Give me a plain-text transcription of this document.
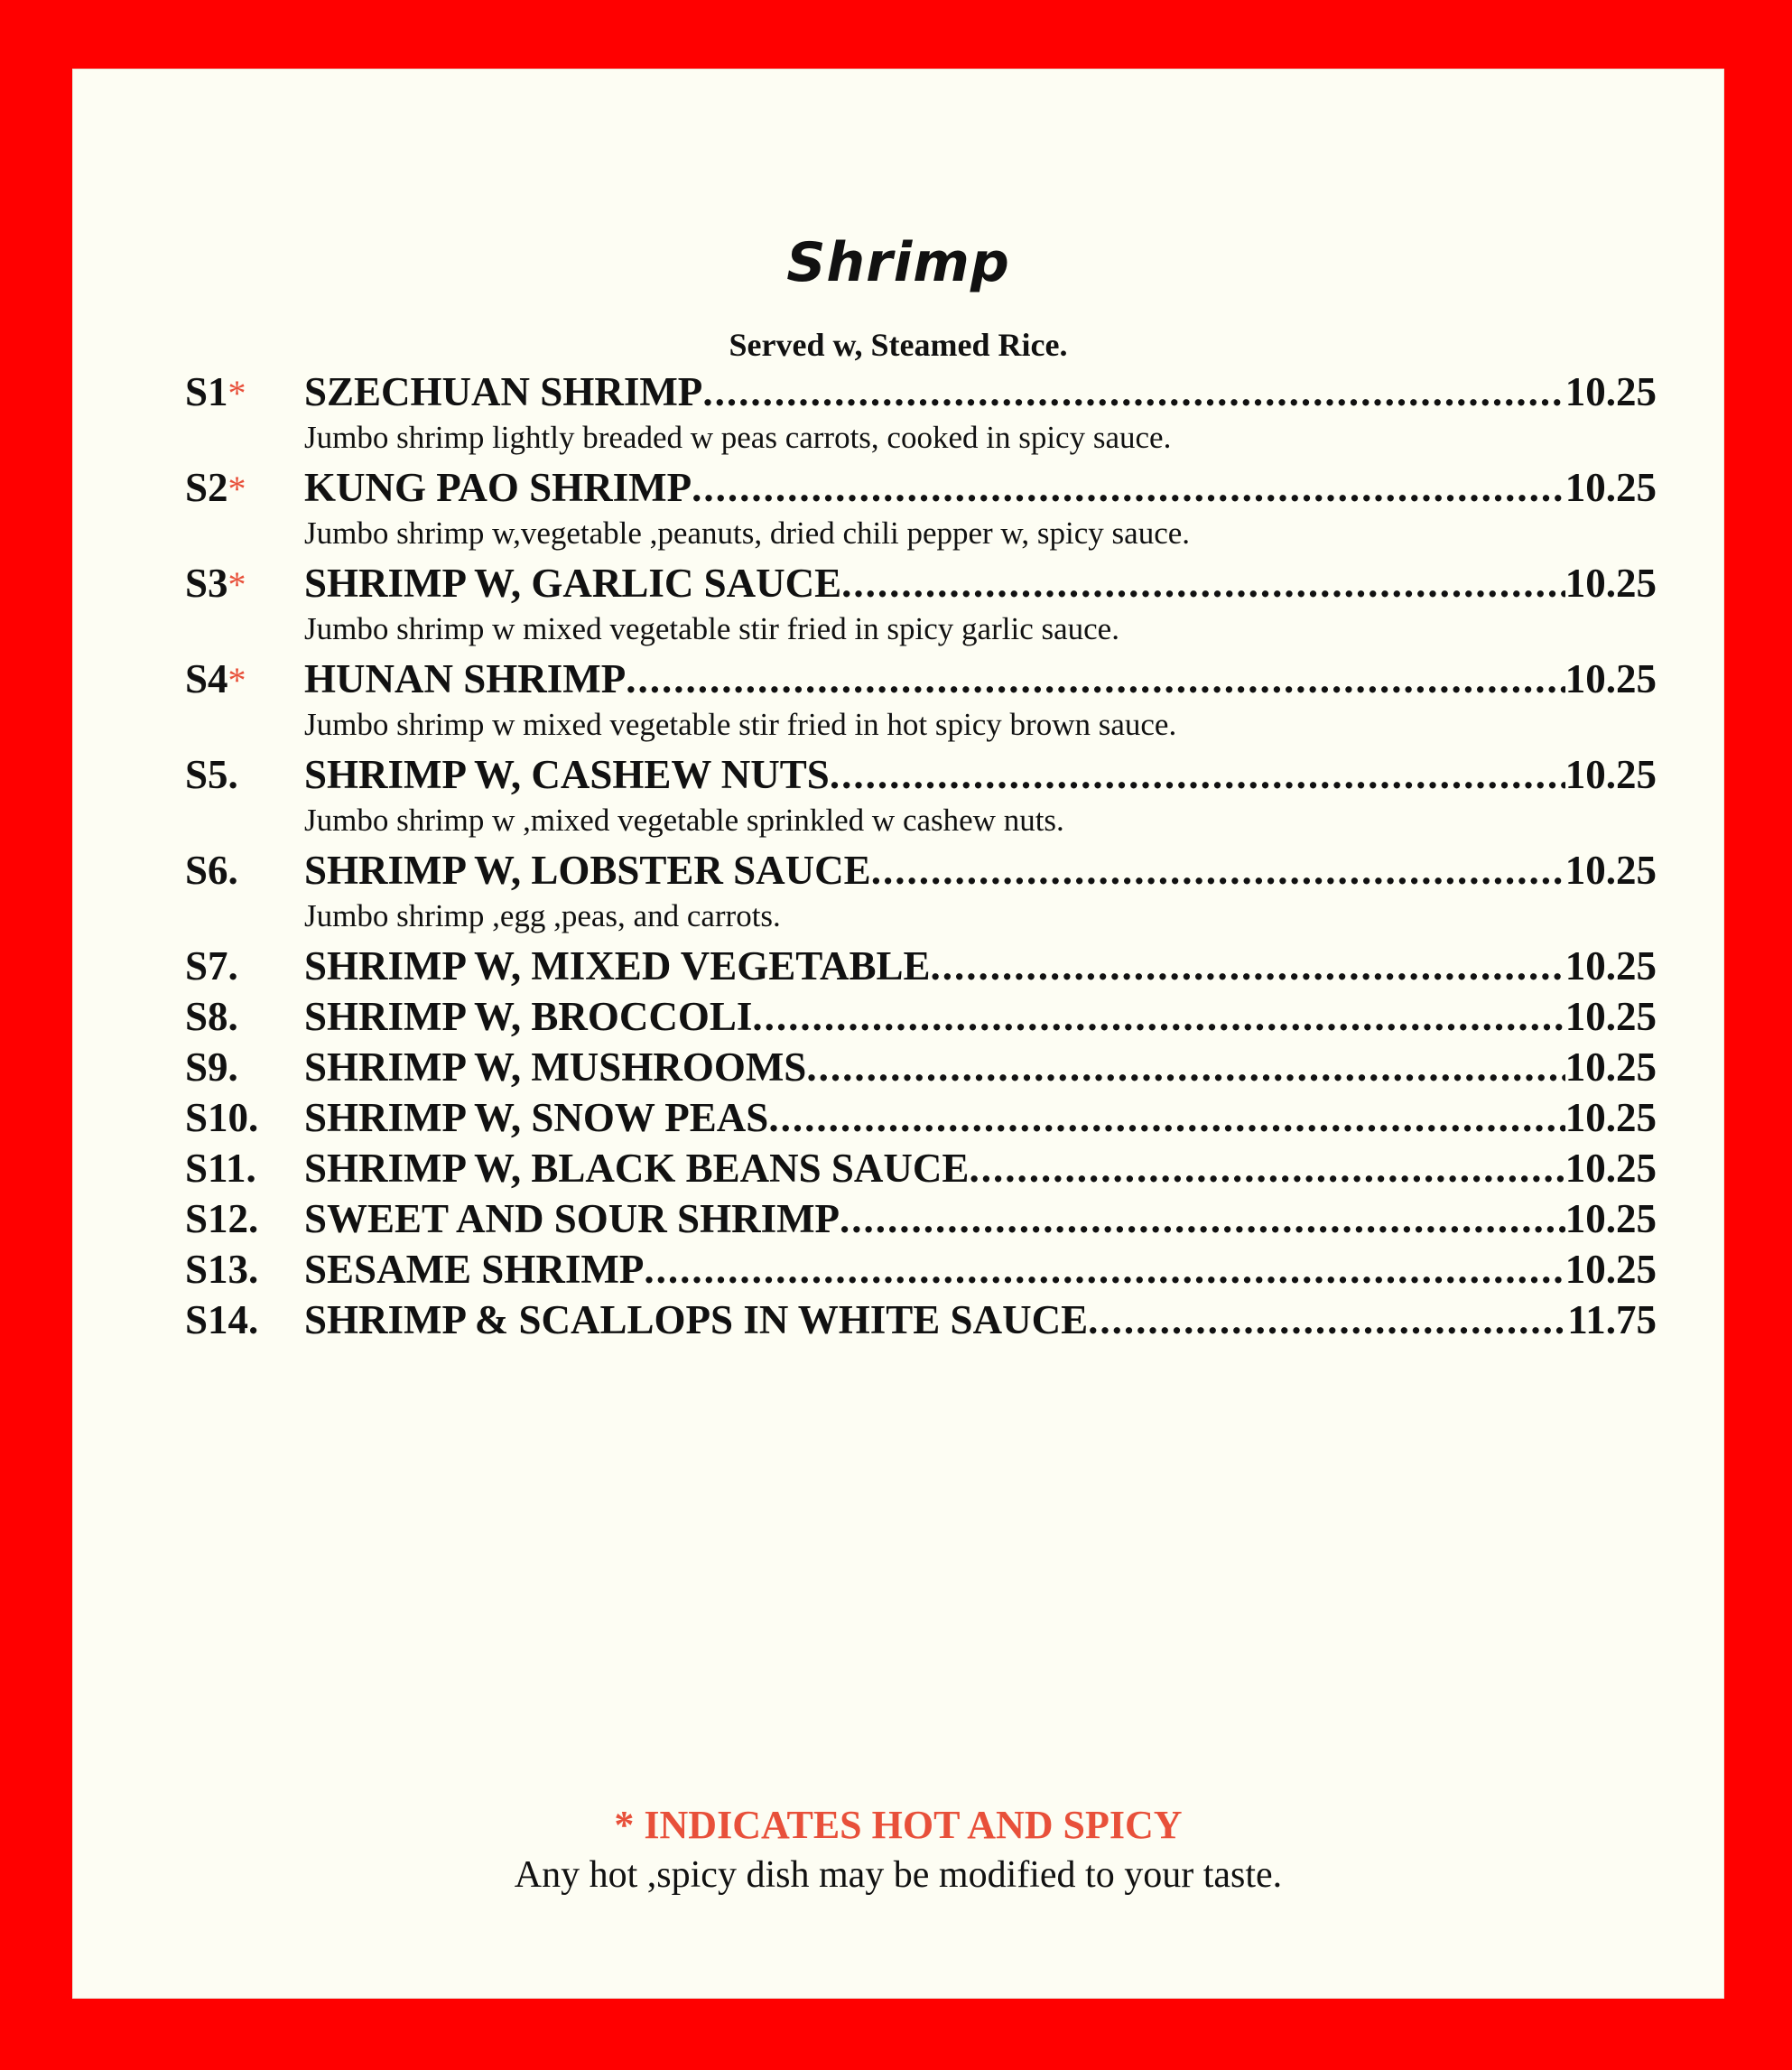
Shrimp
Served w, Steamed Rice.
S1*	SZECHUAN SHRIMP .....	10.25
Jumbo shrimp lightly breaded w peas carrots, cooked in spicy sauce.
S2*	KUNG PAO SHRIMP .....	10.25
Jumbo shrimp w,vegetable ,peanuts, dried chili pepper w, spicy sauce.
S3*	SHRIMP W, GARLIC SAUCE .....	10.25
Jumbo shrimp w mixed vegetable stir fried in spicy garlic sauce.
S4*	HUNAN SHRIMP .....	10.25
Jumbo shrimp w mixed vegetable stir fried in hot spicy brown sauce.
S5.	SHRIMP W, CASHEW NUTS .....	10.25
Jumbo shrimp w ,mixed vegetable sprinkled w cashew nuts.
S6.	SHRIMP W, LOBSTER SAUCE .....	10.25
Jumbo shrimp ,egg ,peas, and carrots.
S7.	SHRIMP W, MIXED VEGETABLE .....	10.25
S8.	SHRIMP W, BROCCOLI .....	10.25
S9.	SHRIMP W, MUSHROOMS .....	10.25
S10.	SHRIMP W, SNOW PEAS .....	10.25
S11.	SHRIMP W, BLACK BEANS SAUCE .....	10.25
S12.	SWEET AND SOUR SHRIMP .....	10.25
S13.	SESAME SHRIMP .....	10.25
S14.	SHRIMP & SCALLOPS IN WHITE SAUCE .....	11.75
* INDICATES HOT AND SPICY
Any hot ,spicy dish may be modified to your taste.
